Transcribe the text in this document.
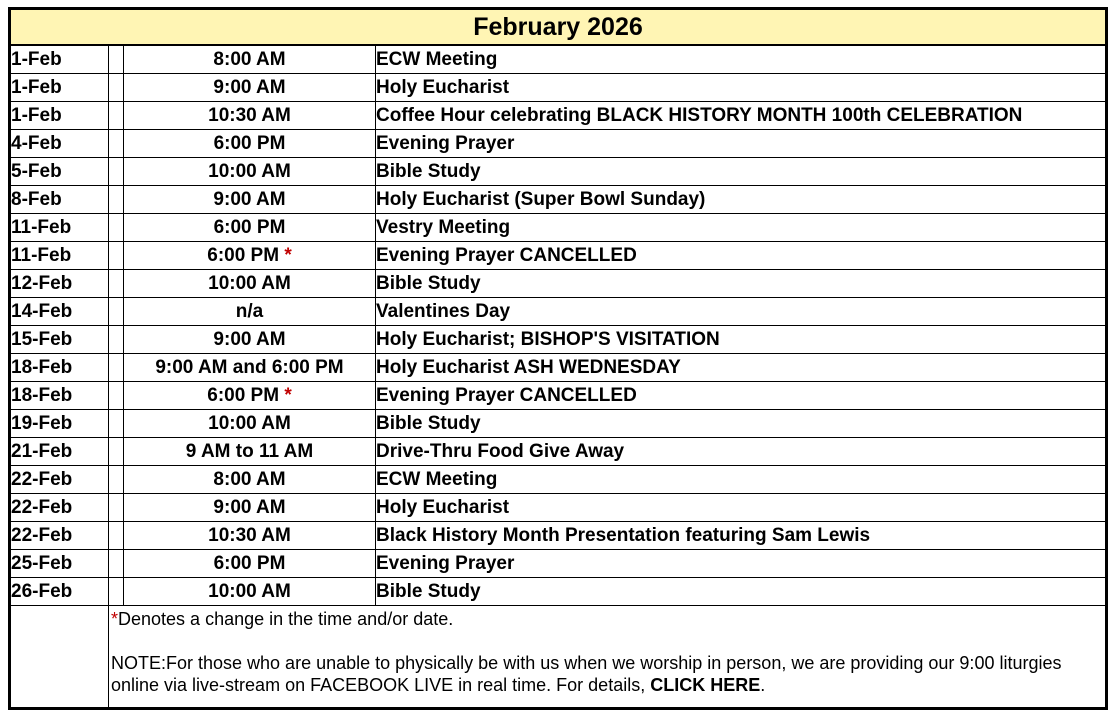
February 2026
1-Feb		8:00 AM	ECW Meeting
1-Feb		9:00 AM	Holy Eucharist
1-Feb		10:30 AM	Coffee Hour celebrating BLACK HISTORY MONTH 100th CELEBRATION
4-Feb		6:00 PM	Evening Prayer
5-Feb		10:00 AM	Bible Study
8-Feb		9:00 AM	Holy Eucharist (Super Bowl Sunday)
11-Feb		6:00 PM	Vestry Meeting
11-Feb		6:00 PM *	Evening Prayer CANCELLED
12-Feb		10:00 AM	Bible Study
14-Feb		n/a	Valentines Day
15-Feb		9:00 AM	Holy Eucharist; BISHOP'S VISITATION
18-Feb		9:00 AM and 6:00 PM	Holy Eucharist ASH WEDNESDAY
18-Feb		6:00 PM *	Evening Prayer CANCELLED
19-Feb		10:00 AM	Bible Study
21-Feb		9 AM to 11 AM	Drive-Thru Food Give Away
22-Feb		8:00 AM	ECW Meeting
22-Feb		9:00 AM	Holy Eucharist
22-Feb		10:30 AM	Black History Month Presentation featuring Sam Lewis
25-Feb		6:00 PM	Evening Prayer
26-Feb		10:00 AM	Bible Study

*Denotes a change in the time and/or date.

NOTE:For those who are unable to physically be with us when we worship in person, we are providing our 9:00 liturgies online via live-stream on FACEBOOK LIVE in real time. For details, CLICK HERE.
